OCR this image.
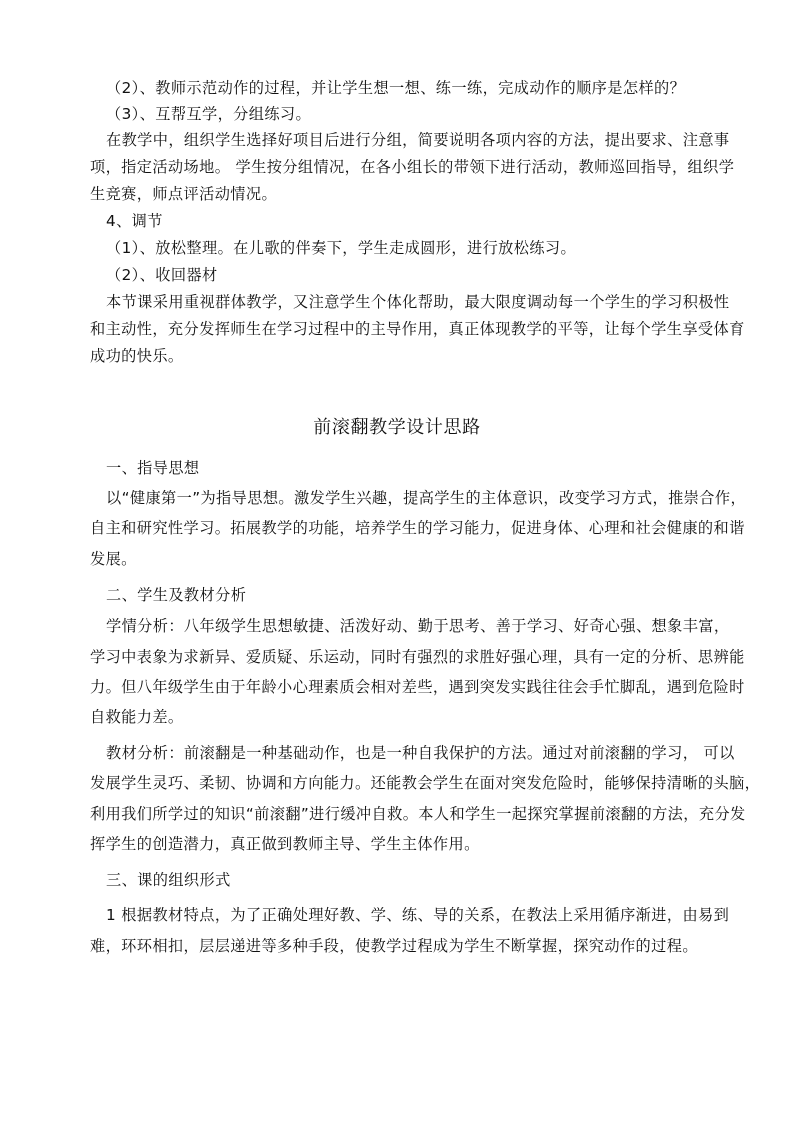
（2）、教师示范动作的过程，并让学生想一想、练一练，完成动作的顺序是怎样的？
（3）、互帮互学，分组练习。
在教学中，组织学生选择好项目后进行分组，简要说明各项内容的方法，提出要求、注意事
项，指定活动场地。 学生按分组情况，在各小组长的带领下进行活动，教师巡回指导，组织学
生竞赛，师点评活动情况。
4、调节
（1）、放松整理。在儿歌的伴奏下，学生走成圆形，进行放松练习。
（2）、收回器材
本节课采用重视群体教学，又注意学生个体化帮助，最大限度调动每一个学生的学习积极性
和主动性，充分发挥师生在学习过程中的主导作用，真正体现教学的平等，让每个学生享受体育
成功的快乐。
前滚翻教学设计思路
一、指导思想
以“健康第一”为指导思想。激发学生兴趣，提高学生的主体意识，改变学习方式，推崇合作，
自主和研究性学习。拓展教学的功能，培养学生的学习能力，促进身体、心理和社会健康的和谐
发展。
二、学生及教材分析
学情分析：八年级学生思想敏捷、活泼好动、勤于思考、善于学习、好奇心强、想象丰富，
学习中表象为求新异、爱质疑、乐运动，同时有强烈的求胜好强心理，具有一定的分析、思辨能
力。但八年级学生由于年龄小心理素质会相对差些，遇到突发实践往往会手忙脚乱，遇到危险时
自救能力差。
教材分析：前滚翻是一种基础动作，也是一种自我保护的方法。通过对前滚翻的学习， 可以
发展学生灵巧、柔韧、协调和方向能力。还能教会学生在面对突发危险时，能够保持清晰的头脑，
利用我们所学过的知识“前滚翻”进行缓冲自救。本人和学生一起探究掌握前滚翻的方法，充分发
挥学生的创造潜力，真正做到教师主导、学生主体作用。
三、课的组织形式
1 根据教材特点，为了正确处理好教、学、练、导的关系，在教法上采用循序渐进，由易到
难，环环相扣，层层递进等多种手段，使教学过程成为学生不断掌握，探究动作的过程。
